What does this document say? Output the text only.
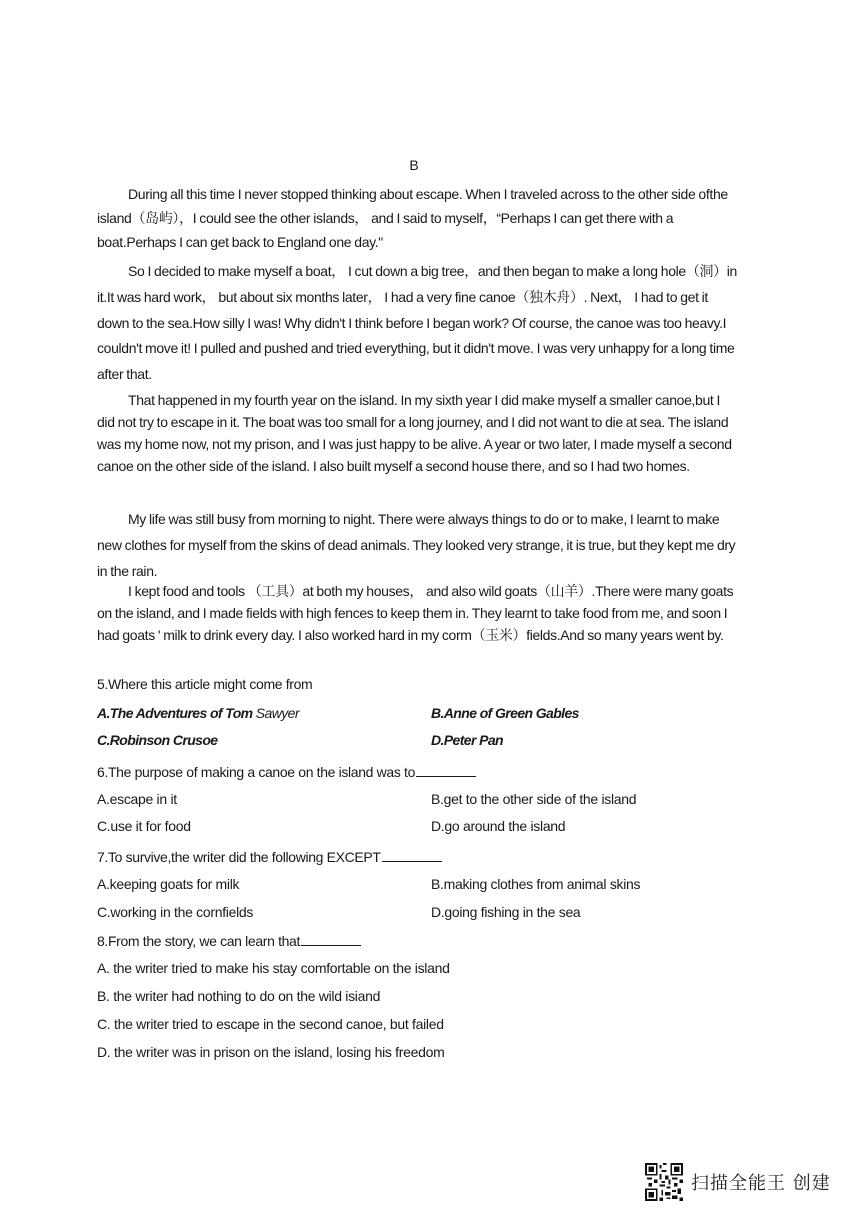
B

During all this time I never stopped thinking about escape. When I traveled across to the other side ofthe island（岛屿），I could see the other islands， and I said to myself，“Perhaps I can get there with a boat.Perhaps I can get back to England one day."

So I decided to make myself a boat， I cut down a big tree，and then began to make a long hole（洞）in it.It was hard work， but about six months later， I had a very fine canoe（独木舟）. Next， I had to get it down to the sea.How silly I was! Why didn't I think before I began work? Of course, the canoe was too heavy.I couldn't move it! I pulled and pushed and tried everything, but it didn't move. I was very unhappy for a long time after that.

That happened in my fourth year on the island. In my sixth year I did make myself a smaller canoe,but I did not try to escape in it. The boat was too small for a long journey, and I did not want to die at sea. The island was my home now, not my prison, and I was just happy to be alive. A year or two later, I made myself a second canoe on the other side of the island. I also built myself a second house there, and so I had two homes.

My life was still busy from morning to night. There were always things to do or to make, I learnt to make new clothes for myself from the skins of dead animals. They looked very strange, it is true, but they kept me dry in the rain.

I kept food and tools （工具）at both my houses， and also wild goats（山羊）.There were many goats on the island, and I made fields with high fences to keep them in. They learnt to take food from me, and soon I had goats ' milk to drink every day. I also worked hard in my corm（玉米）fields.And so many years went by.

5.Where this article might come from
A.The Adventures of Tom Sawyer	B.Anne of Green Gables
C.Robinson Crusoe	D.Peter Pan
6.The purpose of making a canoe on the island was to
A.escape in it	B.get to the other side of the island
C.use it for food	D.go around the island
7.To survive,the writer did the following EXCEPT
A.keeping goats for milk	B.making clothes from animal skins
C.working in the cornfields	D.going fishing in the sea
8.From the story, we can learn that
A. the writer tried to make his stay comfortable on the island
B. the writer had nothing to do on the wild isiand
C. the writer tried to escape in the second canoe, but failed
D. the writer was in prison on the island, losing his freedom
扫描全能王 创建
